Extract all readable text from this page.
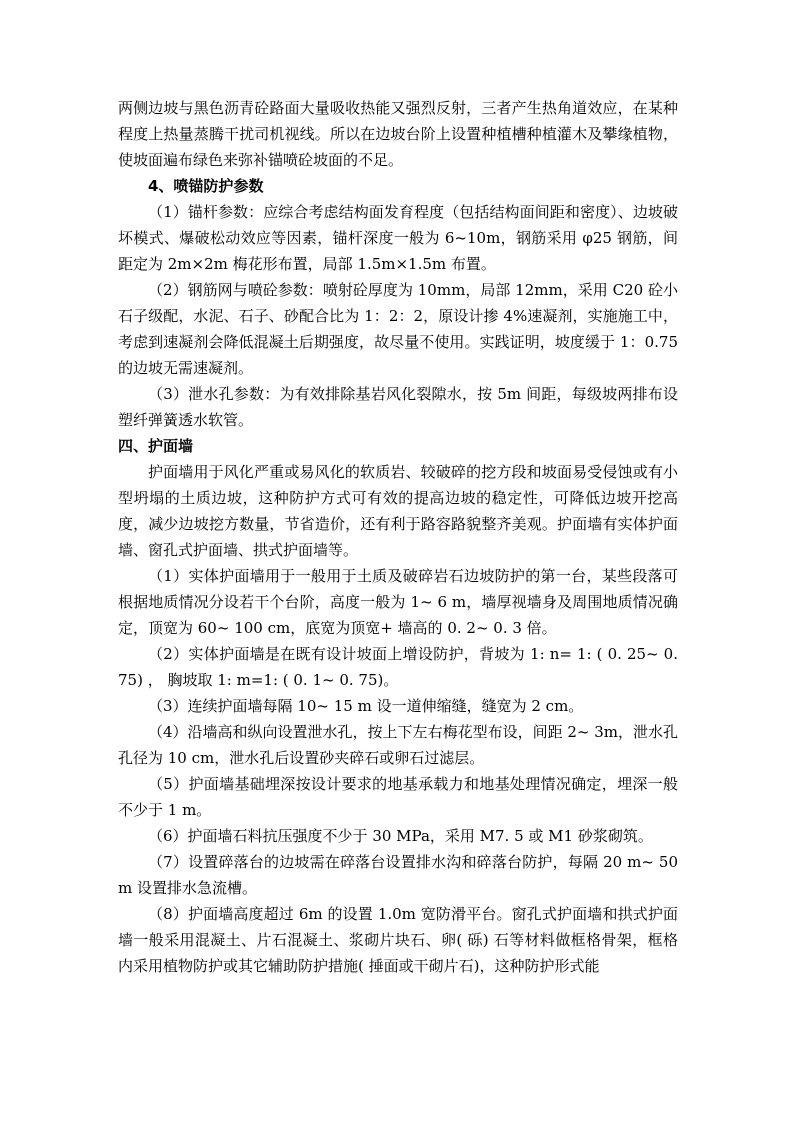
两侧边坡与黑色沥青砼路面大量吸收热能又强烈反射，三者产生热角道效应，在某种程度上热量蒸腾干扰司机视线。所以在边坡台阶上设置种植槽种植灌木及攀缘植物，使坡面遍布绿色来弥补锚喷砼坡面的不足。

4、喷锚防护参数

（1）锚杆参数：应综合考虑结构面发育程度（包括结构面间距和密度）、边坡破坏模式、爆破松动效应等因素，锚杆深度一般为 6~10m，钢筋采用 φ25 钢筋，间距定为 2m×2m 梅花形布置，局部 1.5m×1.5m 布置。

（2）钢筋网与喷砼参数：喷射砼厚度为 10mm，局部 12mm，采用 C20 砼小石子级配，水泥、石子、砂配合比为 1：2：2，原设计掺 4%速凝剂，实施施工中，考虑到速凝剂会降低混凝土后期强度，故尽量不使用。实践证明，坡度缓于 1：0.75 的边坡无需速凝剂。

（3）泄水孔参数：为有效排除基岩风化裂隙水，按 5m 间距，每级坡两排布设塑纤弹簧透水软管。

四、护面墙

护面墙用于风化严重或易风化的软质岩、较破碎的挖方段和坡面易受侵蚀或有小型坍塌的土质边坡，这种防护方式可有效的提高边坡的稳定性，可降低边坡开挖高度，减少边坡挖方数量，节省造价，还有利于路容路貌整齐美观。护面墙有实体护面墙、窗孔式护面墙、拱式护面墙等。

（1）实体护面墙用于一般用于土质及破碎岩石边坡防护的第一台，某些段落可根据地质情况分设若干个台阶，高度一般为 1~ 6 m，墙厚视墙身及周围地质情况确定，顶宽为 60~ 100 cm，底宽为顶宽+ 墙高的 0. 2~ 0. 3 倍。

（2）实体护面墙是在既有设计坡面上增设防护，背坡为 1: n= 1: ( 0. 25~ 0. 75) ， 胸坡取 1: m=1: ( 0. 1~ 0. 75)。

（3）连续护面墙每隔 10~ 15 m 设一道伸缩缝，缝宽为 2 cm。

（4）沿墙高和纵向设置泄水孔，按上下左右梅花型布设，间距 2~ 3m，泄水孔孔径为 10 cm，泄水孔后设置砂夹碎石或卵石过滤层。

（5）护面墙基础埋深按设计要求的地基承载力和地基处理情况确定，埋深一般不少于 1 m。

（6）护面墙石料抗压强度不少于 30 MPa，采用 M7. 5 或 M1 砂浆砌筑。

（7）设置碎落台的边坡需在碎落台设置排水沟和碎落台防护，每隔 20 m~ 50 m 设置排水急流槽。

（8）护面墙高度超过 6m 的设置 1.0m 宽防滑平台。窗孔式护面墙和拱式护面墙一般采用混凝土、片石混凝土、浆砌片块石、卵( 砾) 石等材料做框格骨架，框格内采用植物防护或其它辅助防护措施( 捶面或干砌片石)，这种防护形式能
